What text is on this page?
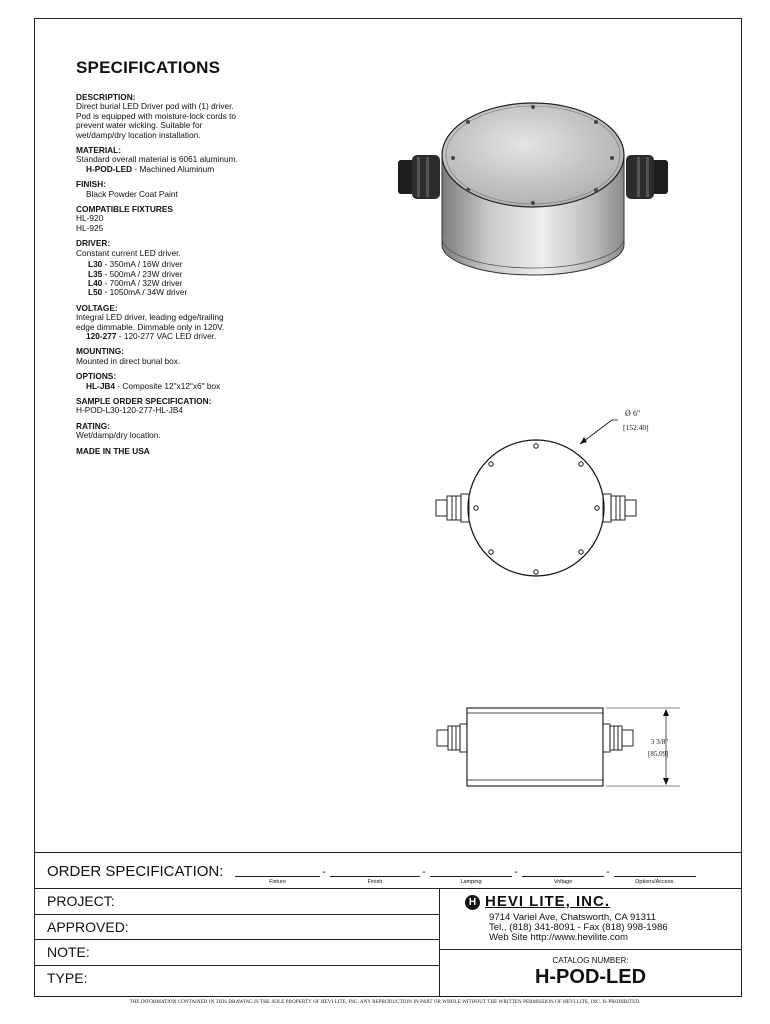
SPECIFICATIONS
DESCRIPTION:
Direct burial LED Driver pod with (1) driver.
Pod is equipped with moisture-lock cords to
prevent water wicking. Suitable for
wet/damp/dry location installation.
MATERIAL:
Standard overall material is 6061 aluminum.
H-POD-LED - Machined Aluminum
FINISH:
Black Powder Coat Paint
COMPATIBLE FIXTURES
HL-920
HL-925
DRIVER:
Constant current LED driver.
L30 - 350mA / 16W driver
L35 - 500mA / 23W driver
L40 - 700mA / 32W driver
L50 - 1050mA / 34W driver
VOLTAGE:
Integral LED driver, leading edge/trailing
edge dimmable. Dimmable only in 120V.
120-277 - 120-277 VAC LED driver.
MOUNTING:
Mounted in direct burial box.
OPTIONS:
HL-JB4 - Composite 12"x12"x6" box
SAMPLE ORDER SPECIFICATION:
H-POD-L30-120-277-HL-JB4
RATING:
Wet/damp/dry location.
MADE IN THE USA
Ø 6"
[152.40]
3 3/8"
[85.09]
ORDER SPECIFICATION:	-	-	-	-
Fixture	Finish	Lamping	Voltage	Options/Access.
PROJECT:
APPROVED:
NOTE:
TYPE:
H HEVI LITE, INC.
9714 Variel Ave, Chatsworth, CA 91311
Tel., (818) 341-8091 - Fax (818) 998-1986
Web Site http://www.hevilite.com
CATALOG NUMBER:
H-POD-LED
THE INFORMATION CONTAINED IN THIS DRAWING IS THE SOLE PROPERTY OF HEVI LITE, INC. ANY REPRODUCTION IN PART OR WHOLE WITHOUT THE WRITTEN PERMISSION OF HEVI LITE, INC. IS PROHIBITED.
